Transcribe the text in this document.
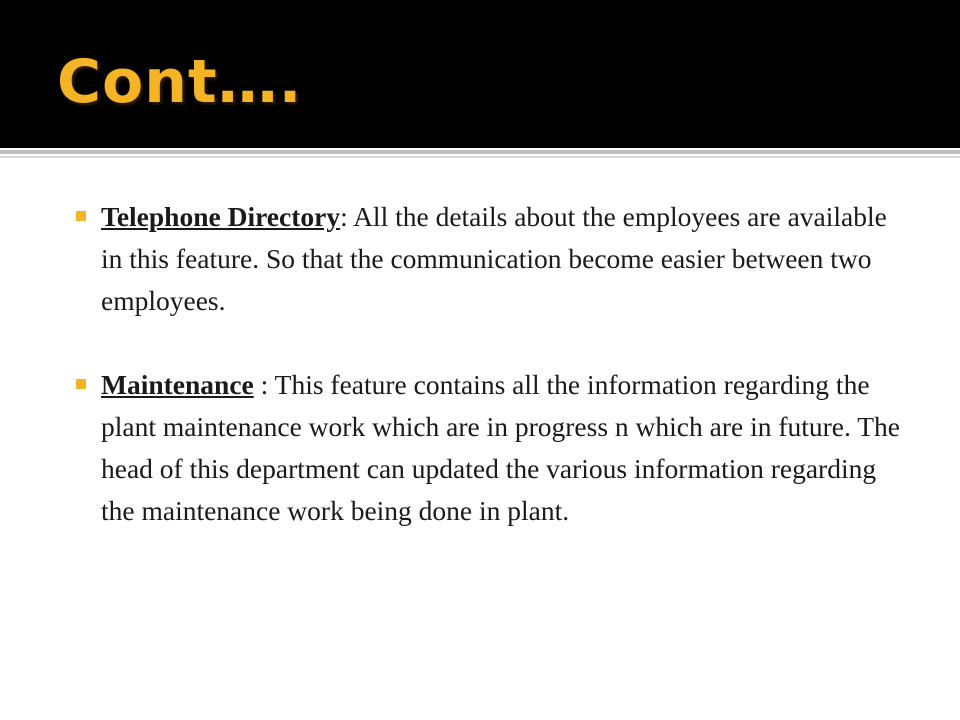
Cont….
Telephone Directory: All the details about the employees are available in this feature. So that the communication become easier between two employees.
Maintenance : This feature contains all the information regarding the plant maintenance work which are in progress n which are in future. The head of this department can updated the various information regarding the maintenance work being done in plant.
